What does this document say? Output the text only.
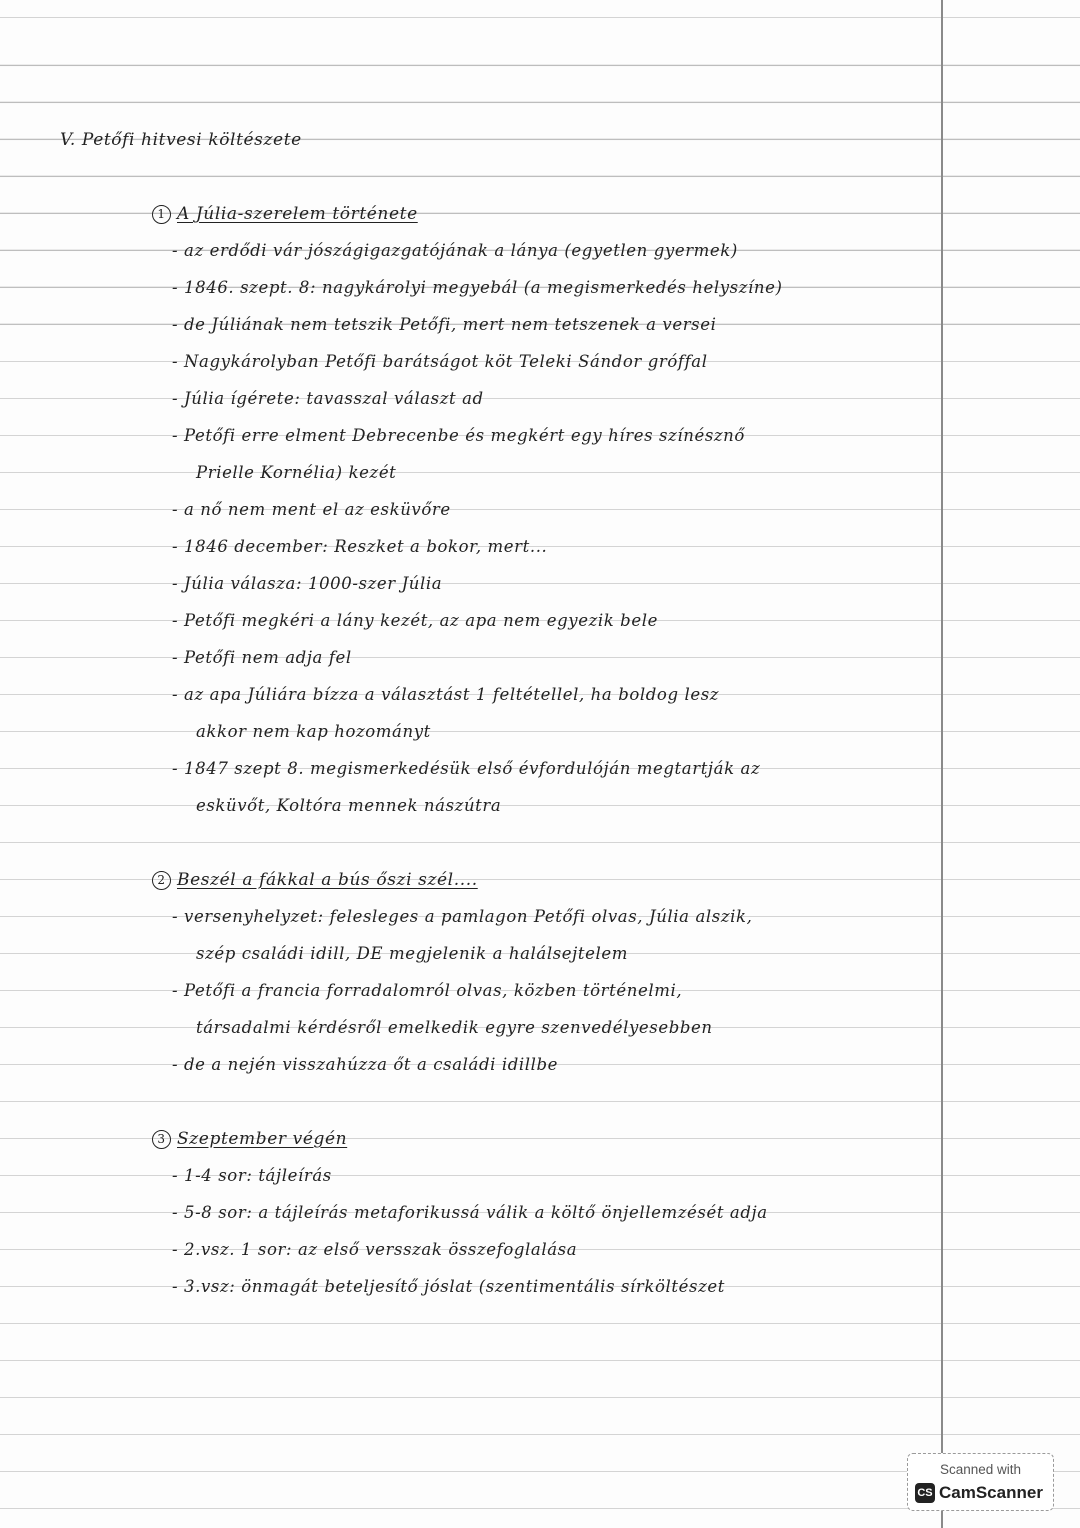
V. Petőfi hitvesi költészete
1 A Júlia-szerelem története
- az erdődi vár jószágigazgatójának a lánya (egyetlen gyermek)
- 1846. szept. 8: nagykárolyi megyebál (a megismerkedés helyszíne)
- de Júliának nem tetszik Petőfi, mert nem tetszenek a versei
- Nagykárolyban Petőfi barátságot köt Teleki Sándor gróffal
- Júlia ígérete: tavasszal választ ad
- Petőfi erre elment Debrecenbe és megkért egy híres színésznő
Prielle Kornélia) kezét
- a nő nem ment el az esküvőre
- 1846 december: Reszket a bokor, mert...
- Júlia válasza: 1000-szer Júlia
- Petőfi megkéri a lány kezét, az apa nem egyezik bele
- Petőfi nem adja fel
- az apa Júliára bízza a választást 1 feltétellel, ha boldog lesz
akkor nem kap hozományt
- 1847 szept 8. megismerkedésük első évfordulóján megtartják az
esküvőt, Koltóra mennek nászútra
2 Beszél a fákkal a bús őszi szél....
- versenyhelyzet: felesleges a pamlagon Petőfi olvas, Júlia alszik,
szép családi idill, DE megjelenik a halálsejtelem
- Petőfi a francia forradalomról olvas, közben történelmi,
társadalmi kérdésről emelkedik egyre szenvedélyesebben
- de a nején visszahúzza őt a családi idillbe
3 Szeptember végén
- 1-4 sor: tájleírás
- 5-8 sor: a tájleírás metaforikussá válik a költő önjellemzését adja
- 2.vsz. 1 sor: az első versszak összefoglalása
- 3.vsz: önmagát beteljesítő jóslat (szentimentális sírköltészet
Scanned with
CS CamScanner
